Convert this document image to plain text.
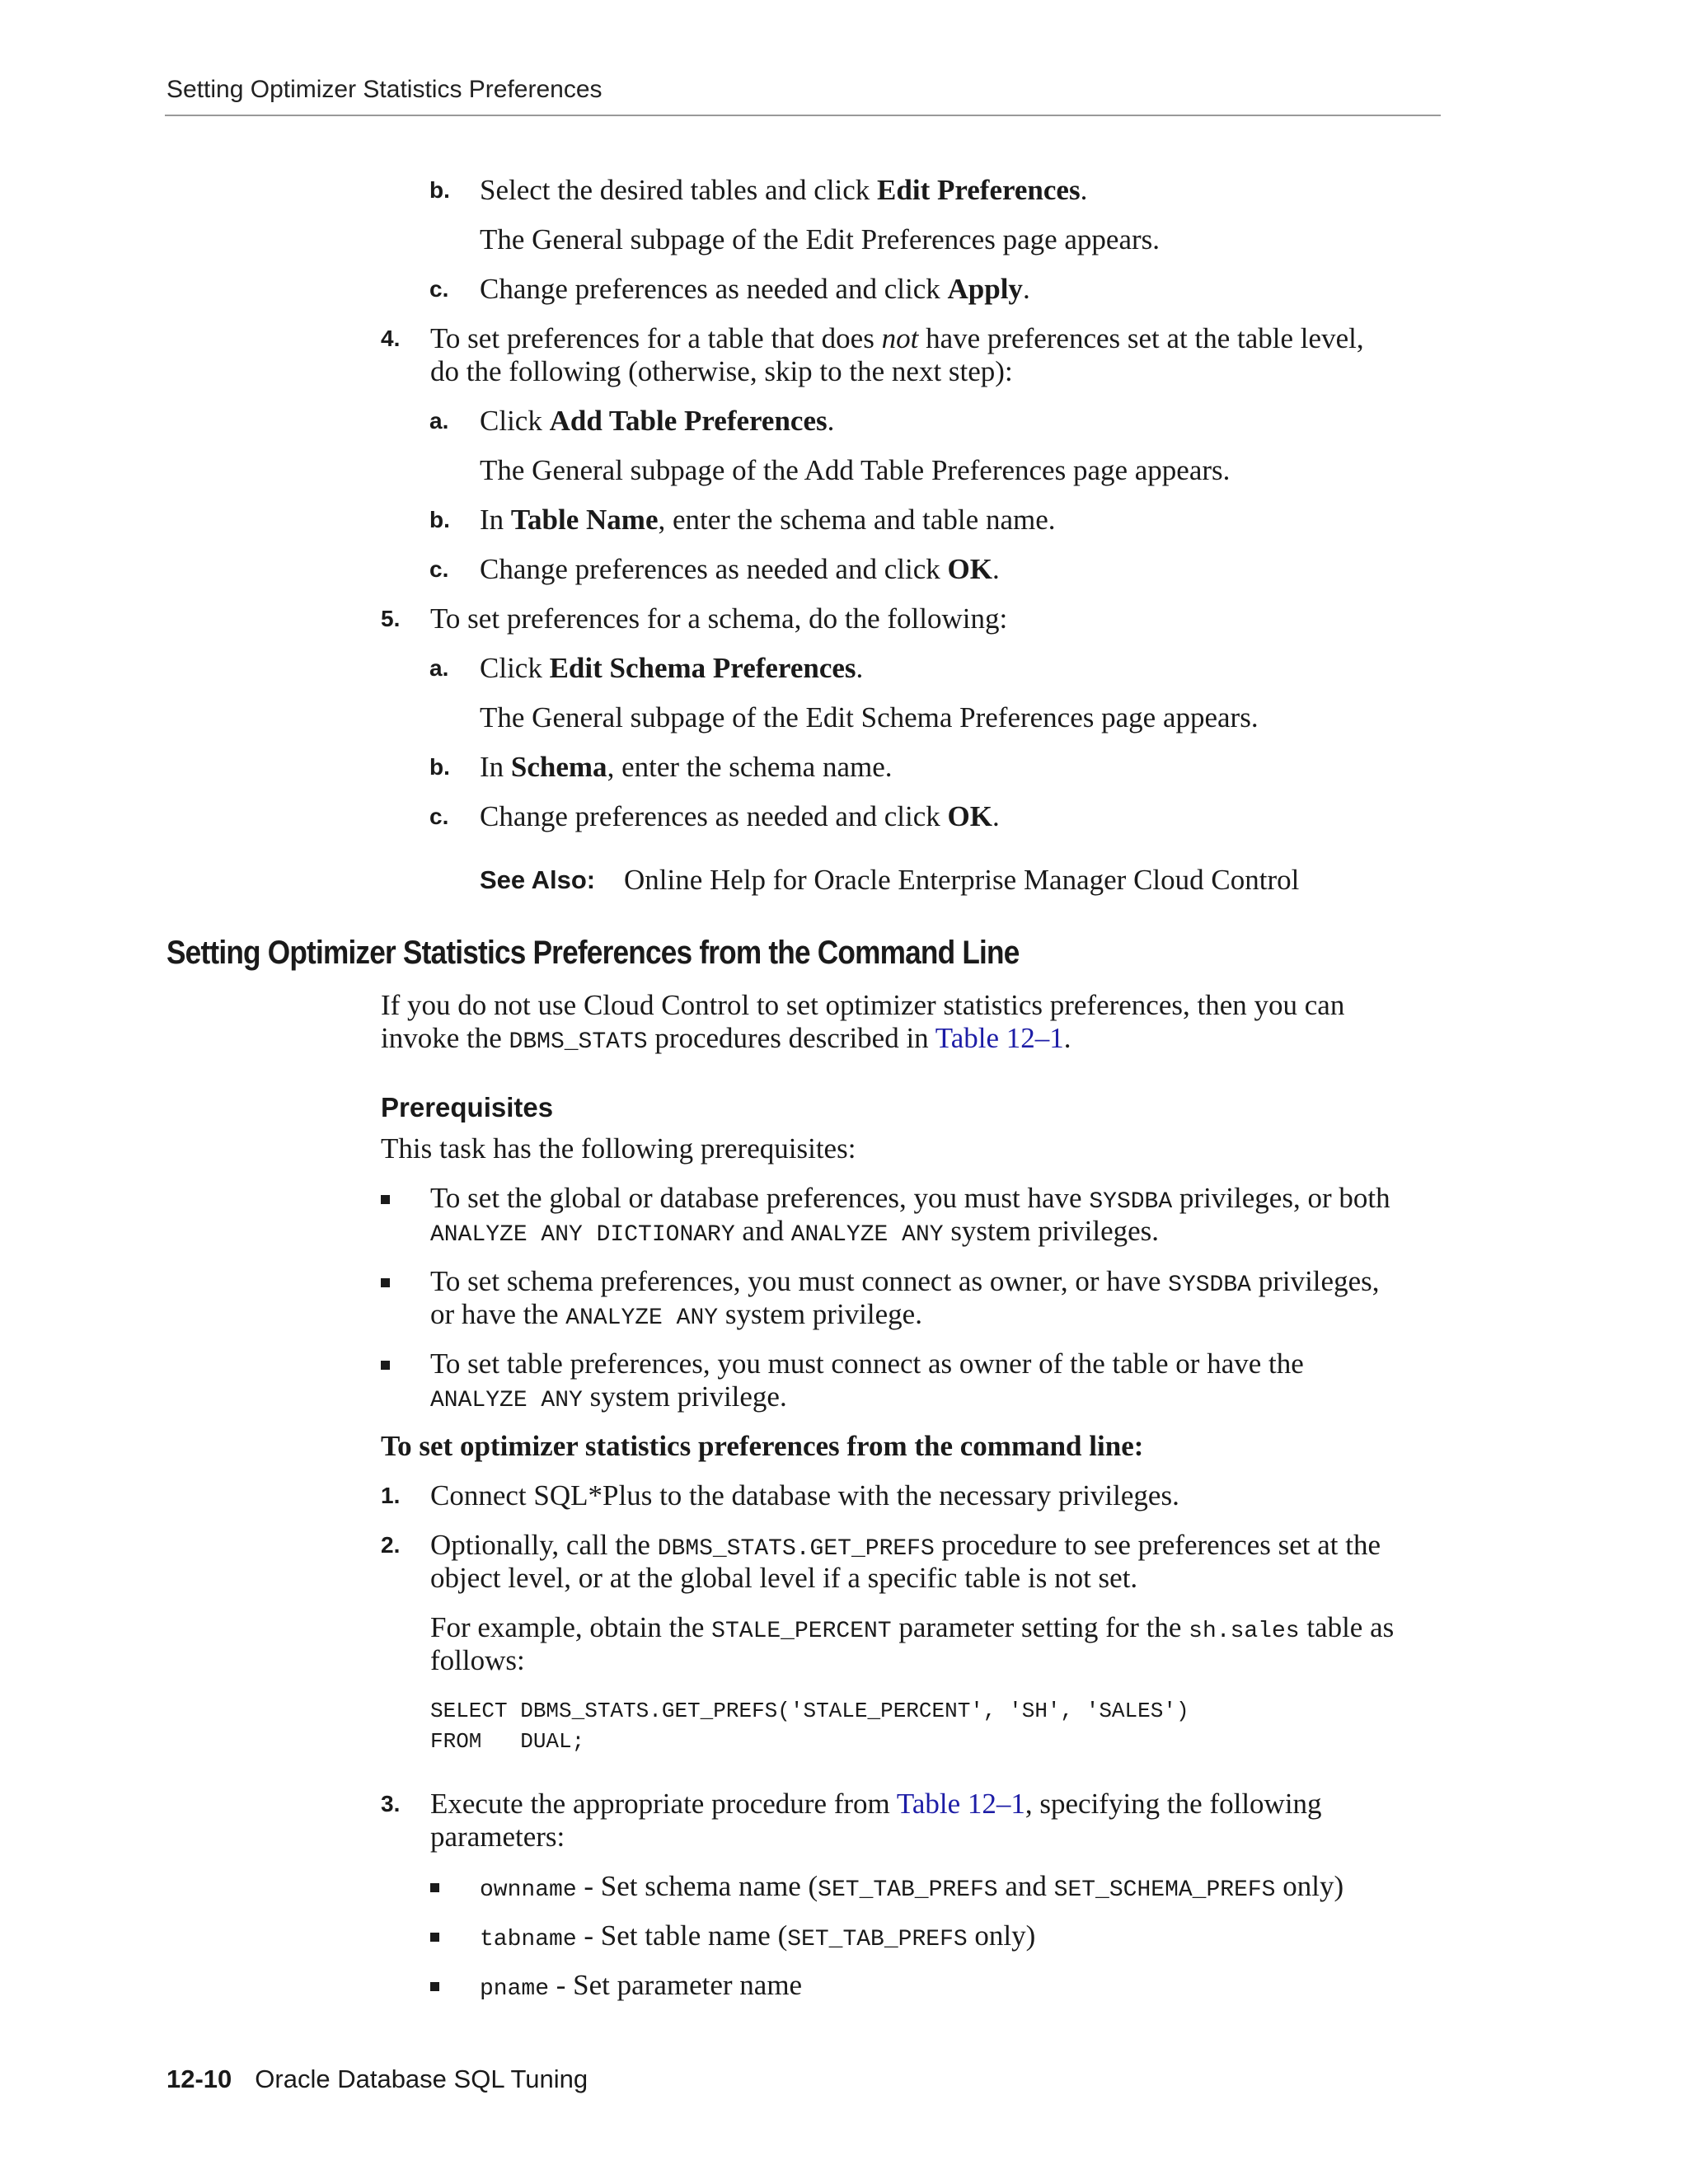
Setting Optimizer Statistics Preferences
b. Select the desired tables and click Edit Preferences.
The General subpage of the Edit Preferences page appears.
c. Change preferences as needed and click Apply.
4. To set preferences for a table that does not have preferences set at the table level,
do the following (otherwise, skip to the next step):
a. Click Add Table Preferences.
The General subpage of the Add Table Preferences page appears.
b. In Table Name, enter the schema and table name.
c. Change preferences as needed and click OK.
5. To set preferences for a schema, do the following:
a. Click Edit Schema Preferences.
The General subpage of the Edit Schema Preferences page appears.
b. In Schema, enter the schema name.
c. Change preferences as needed and click OK.
See Also: Online Help for Oracle Enterprise Manager Cloud Control
Setting Optimizer Statistics Preferences from the Command Line
If you do not use Cloud Control to set optimizer statistics preferences, then you can
invoke the DBMS_STATS procedures described in Table 12–1.
Prerequisites
This task has the following prerequisites:
To set the global or database preferences, you must have SYSDBA privileges, or both
ANALYZE ANY DICTIONARY and ANALYZE ANY system privileges.
To set schema preferences, you must connect as owner, or have SYSDBA privileges,
or have the ANALYZE ANY system privilege.
To set table preferences, you must connect as owner of the table or have the
ANALYZE ANY system privilege.
To set optimizer statistics preferences from the command line:
1. Connect SQL*Plus to the database with the necessary privileges.
2. Optionally, call the DBMS_STATS.GET_PREFS procedure to see preferences set at the
object level, or at the global level if a specific table is not set.
For example, obtain the STALE_PERCENT parameter setting for the sh.sales table as
follows:
SELECT DBMS_STATS.GET_PREFS('STALE_PERCENT', 'SH', 'SALES')
FROM   DUAL;
3. Execute the appropriate procedure from Table 12–1, specifying the following
parameters:
ownname - Set schema name (SET_TAB_PREFS and SET_SCHEMA_PREFS only)
tabname - Set table name (SET_TAB_PREFS only)
pname - Set parameter name
12-10 Oracle Database SQL Tuning
